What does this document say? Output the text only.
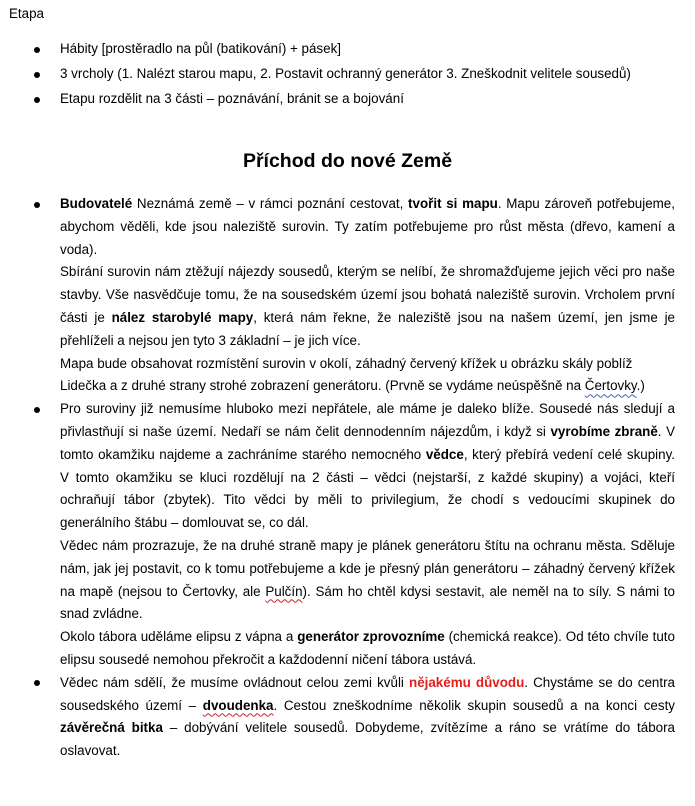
Etapa
Hábity [prostěradlo na půl (batikování) + pásek]
3 vrcholy (1. Nalézt starou mapu, 2. Postavit ochranný generátor 3. Zneškodnit velitele sousedů)
Etapu rozdělit na 3 části – poznávání, bránit se a bojování
Příchod do nové Země
Budovatelé Neznámá země – v rámci poznání cestovat, tvořit si mapu. Mapu zároveň potřebujeme, abychom věděli, kde jsou naleziště surovin. Ty zatím potřebujeme pro růst města (dřevo, kamení a voda).
Sbírání surovin nám ztěžují nájezdy sousedů, kterým se nelíbí, že shromažďujeme jejich věci pro naše stavby. Vše nasvědčuje tomu, že na sousedském území jsou bohatá naleziště surovin. Vrcholem první části je nález starobylé mapy, která nám řekne, že naleziště jsou na našem území, jen jsme je přehlíželi a nejsou jen tyto 3 základní – je jich více.
Mapa bude obsahovat rozmístění surovin v okolí, záhadný červený křížek u obrázku skály poblíž Lidečka a z druhé strany strohé zobrazení generátoru. (Prvně se vydáme neúspěšně na Čertovky.)
Pro suroviny již nemusíme hluboko mezi nepřátele, ale máme je daleko blíže. Sousedé nás sledují a přivlastňují si naše území. Nedaří se nám čelit dennodenním nájezdům, i když si vyrobíme zbraně. V tomto okamžiku najdeme a zachráníme starého nemocného vědce, který přebírá vedení celé skupiny. V tomto okamžiku se kluci rozdělují na 2 části – vědci (nejstarší, z každé skupiny) a vojáci, kteří ochraňují tábor (zbytek). Tito vědci by měli to privilegium, že chodí s vedoucími skupinek do generálního štábu – domlouvat se, co dál.
Vědec nám prozrazuje, že na druhé straně mapy je plánek generátoru štítu na ochranu města. Sděluje nám, jak jej postavit, co k tomu potřebujeme a kde je přesný plán generátoru – záhadný červený křížek na mapě (nejsou to Čertovky, ale Pulčín). Sám ho chtěl kdysi sestavit, ale neměl na to síly. S námi to snad zvládne.
Okolo tábora uděláme elipsu z vápna a generátor zprovozníme (chemická reakce). Od této chvíle tuto elipsu sousedé nemohou překročit a každodenní ničení tábora ustává.
Vědec nám sdělí, že musíme ovládnout celou zemi kvůli nějakému důvodu. Chystáme se do centra sousedského území – dvoudenka. Cestou zneškodníme několik skupin sousedů a na konci cesty závěrečná bitka – dobývání velitele sousedů. Dobydeme, zvítězíme a ráno se vrátíme do tábora oslavovat.
